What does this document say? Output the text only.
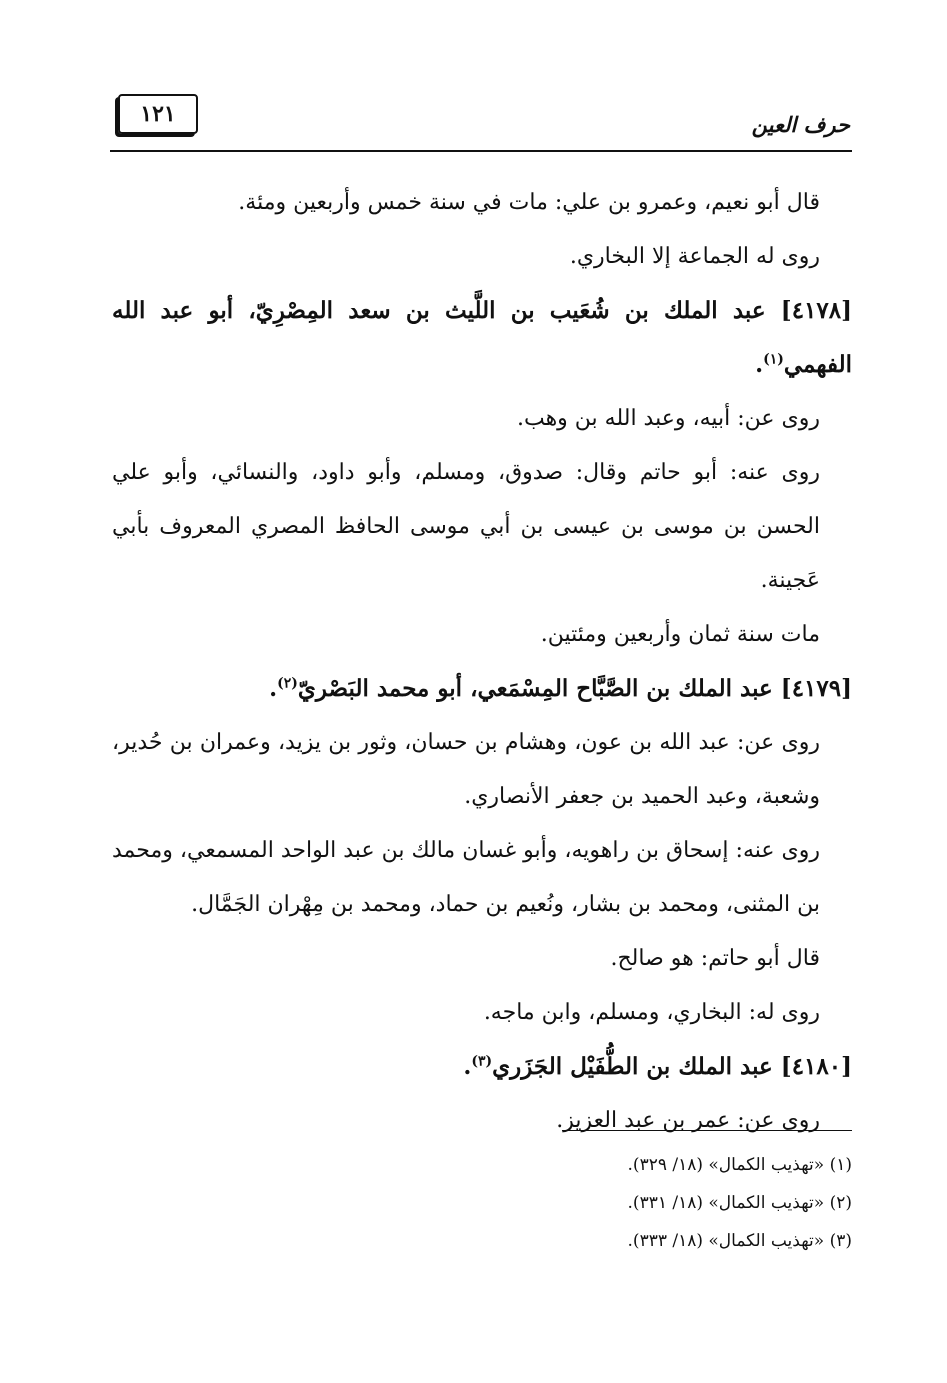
١٢١	حرف العين

قال أبو نعيم، وعمرو بن علي: مات في سنة خمس وأربعين ومئة.

روى له الجماعة إلا البخاري.

[٤١٧٨] عبد الملك بن شُعَيب بن اللَّيث بن سعد المِصْرِيّ، أبو عبد الله الفهمي$^{(١)}$.

روى عن: أبيه، وعبد الله بن وهب.

روى عنه: أبو حاتم وقال: صدوق، ومسلم، وأبو داود، والنسائي، وأبو علي الحسن بن موسى بن عيسى بن أبي موسى الحافظ المصري المعروف بأبي عَجينة.

مات سنة ثمان وأربعين ومئتين.

[٤١٧٩] عبد الملك بن الصَّبَّاح المِسْمَعي، أبو محمد البَصْريّ$^{(٢)}$.

روى عن: عبد الله بن عون، وهشام بن حسان، وثور بن يزيد، وعمران بن حُدير، وشعبة، وعبد الحميد بن جعفر الأنصاري.

روى عنه: إسحاق بن راهويه، وأبو غسان مالك بن عبد الواحد المسمعي، ومحمد بن المثنى، ومحمد بن بشار، ونُعيم بن حماد، ومحمد بن مِهْران الجَمَّال.

قال أبو حاتم: هو صالح.

روى له: البخاري، ومسلم، وابن ماجه.

[٤١٨٠] عبد الملك بن الطُّفَيْل الجَزَري$^{(٣)}$.

روى عن: عمر بن عبد العزيز.

(١) «تهذيب الكمال» (١٨/ ٣٢٩).

(٢) «تهذيب الكمال» (١٨/ ٣٣١).

(٣) «تهذيب الكمال» (١٨/ ٣٣٣).
